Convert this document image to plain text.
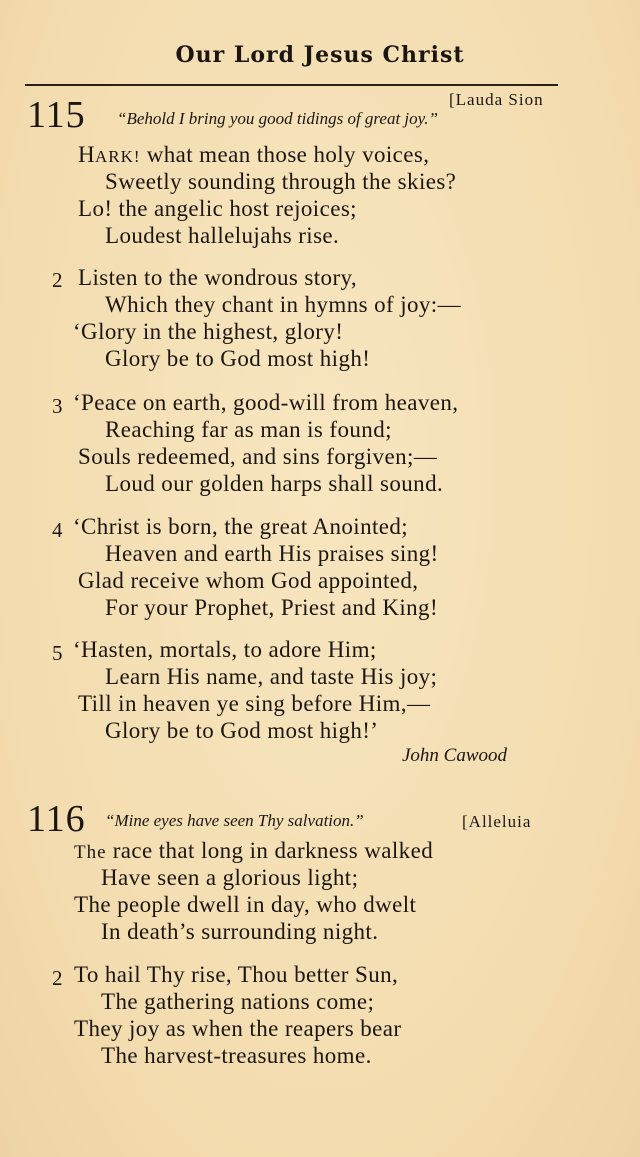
Our Lord Jesus Christ
115	[Lauda Sion
“Behold I bring you good tidings of great joy.”
HARK! what mean those holy voices,
Sweetly sounding through the skies?
Lo! the angelic host rejoices;
Loudest hallelujahs rise.
2 Listen to the wondrous story,
Which they chant in hymns of joy:—
‘Glory in the highest, glory!
Glory be to God most high!
3 ‘Peace on earth, good-will from heaven,
Reaching far as man is found;
Souls redeemed, and sins forgiven;—
Loud our golden harps shall sound.
4 ‘Christ is born, the great Anointed;
Heaven and earth His praises sing!
Glad receive whom God appointed,
For your Prophet, Priest and King!
5 ‘Hasten, mortals, to adore Him;
Learn His name, and taste His joy;
Till in heaven ye sing before Him,—
Glory be to God most high!’
John Cawood
116 “Mine eyes have seen Thy salvation.”	[Alleluia
The race that long in darkness walked
Have seen a glorious light;
The people dwell in day, who dwelt
In death’s surrounding night.
2 To hail Thy rise, Thou better Sun,
The gathering nations come;
They joy as when the reapers bear
The harvest-treasures home.
